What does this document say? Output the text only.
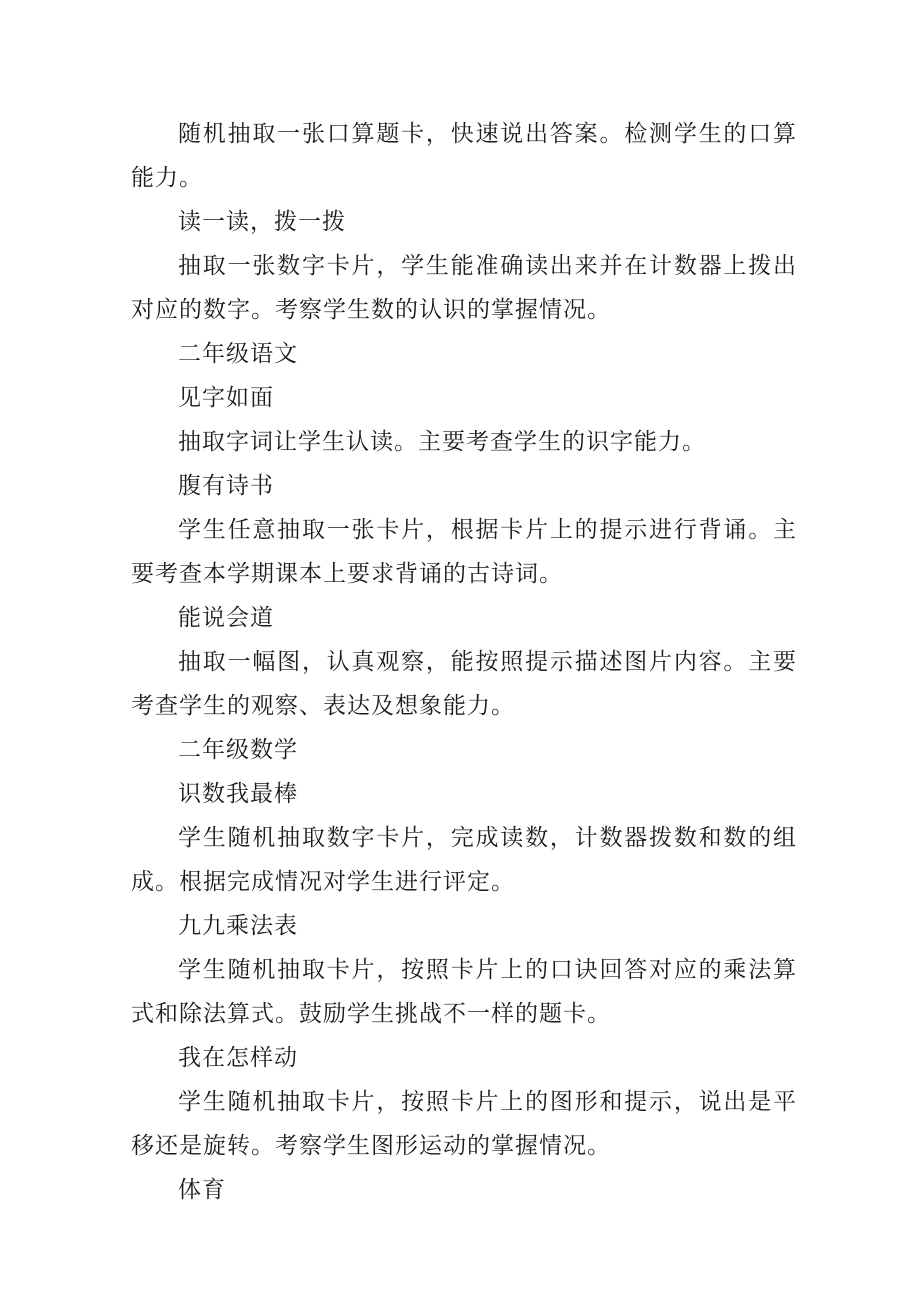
随机抽取一张口算题卡，快速说出答案。检测学生的口算能力。

读一读，拨一拨

抽取一张数字卡片，学生能准确读出来并在计数器上拨出对应的数字。考察学生数的认识的掌握情况。

二年级语文

见字如面

抽取字词让学生认读。主要考查学生的识字能力。

腹有诗书

学生任意抽取一张卡片，根据卡片上的提示进行背诵。主要考查本学期课本上要求背诵的古诗词。

能说会道

抽取一幅图，认真观察，能按照提示描述图片内容。主要考查学生的观察、表达及想象能力。

二年级数学

识数我最棒

学生随机抽取数字卡片，完成读数，计数器拨数和数的组成。根据完成情况对学生进行评定。

九九乘法表

学生随机抽取卡片，按照卡片上的口诀回答对应的乘法算式和除法算式。鼓励学生挑战不一样的题卡。

我在怎样动

学生随机抽取卡片，按照卡片上的图形和提示，说出是平移还是旋转。考察学生图形运动的掌握情况。

体育
